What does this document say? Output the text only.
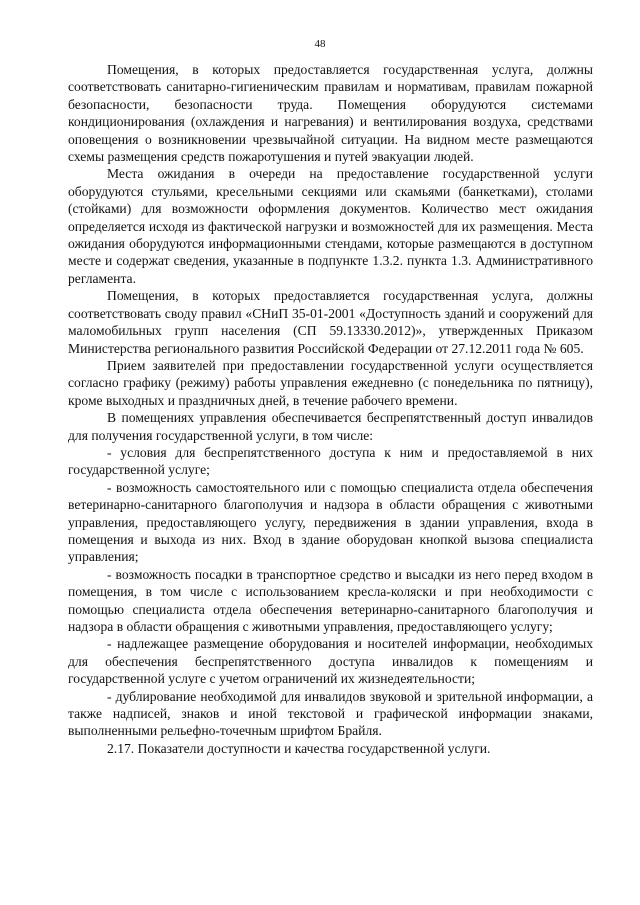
48

Помещения, в которых предоставляется государственная услуга, должны соответствовать санитарно-гигиеническим правилам и нормативам, правилам пожарной безопасности, безопасности труда. Помещения оборудуются системами кондиционирования (охлаждения и нагревания) и вентилирования воздуха, средствами оповещения о возникновении чрезвычайной ситуации. На видном месте размещаются схемы размещения средств пожаротушения и путей эвакуации людей.

Места ожидания в очереди на предоставление государственной услуги оборудуются стульями, кресельными секциями или скамьями (банкетками), столами (стойками) для возможности оформления документов. Количество мест ожидания определяется исходя из фактической нагрузки и возможностей для их размещения. Места ожидания оборудуются информационными стендами, которые размещаются в доступном месте и содержат сведения, указанные в подпункте 1.3.2. пункта 1.3. Административного регламента.

Помещения, в которых предоставляется государственная услуга, должны соответствовать своду правил «СНиП 35-01-2001 «Доступность зданий и сооружений для маломобильных групп населения (СП 59.13330.2012)», утвержденных Приказом Министерства регионального развития Российской Федерации от 27.12.2011 года № 605.

Прием заявителей при предоставлении государственной услуги осуществляется согласно графику (режиму) работы управления ежедневно (с понедельника по пятницу), кроме выходных и праздничных дней, в течение рабочего времени.

В помещениях управления обеспечивается беспрепятственный доступ инвалидов для получения государственной услуги, в том числе:

- условия для беспрепятственного доступа к ним и предоставляемой в них государственной услуге;

- возможность самостоятельного или с помощью специалиста отдела обеспечения ветеринарно-санитарного благополучия и надзора в области обращения с животными управления, предоставляющего услугу, передвижения в здании управления, входа в помещения и выхода из них. Вход в здание оборудован кнопкой вызова специалиста управления;

- возможность посадки в транспортное средство и высадки из него перед входом в помещения, в том числе с использованием кресла-коляски и при необходимости с помощью специалиста отдела обеспечения ветеринарно-санитарного благополучия и надзора в области обращения с животными управления, предоставляющего услугу;

- надлежащее размещение оборудования и носителей информации, необходимых для обеспечения беспрепятственного доступа инвалидов к помещениям и государственной услуге с учетом ограничений их жизнедеятельности;

- дублирование необходимой для инвалидов звуковой и зрительной информации, а также надписей, знаков и иной текстовой и графической информации знаками, выполненными рельефно-точечным шрифтом Брайля.

2.17. Показатели доступности и качества государственной услуги.
